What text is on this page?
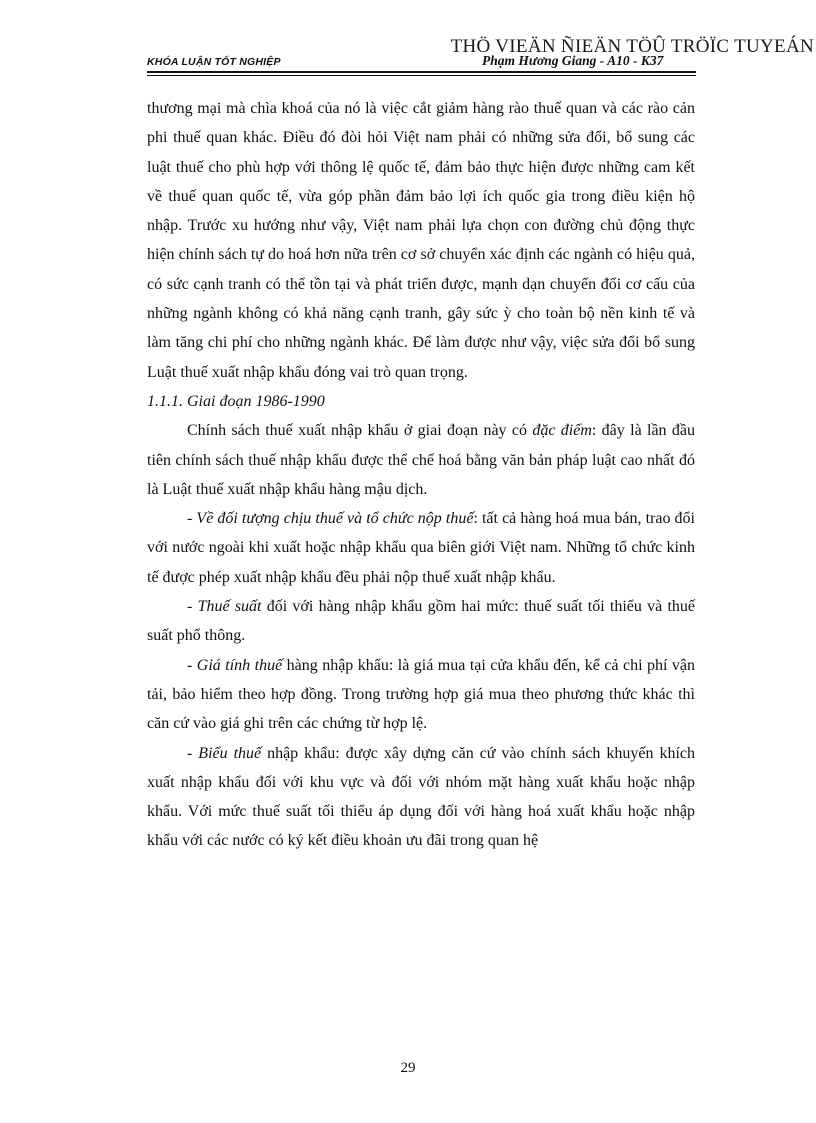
THÖ VIEÄN ÑIEÄN TÖÛ TRÖÏC TUYEÁN
KHÓA LUẬN TỐT NGHIỆP	Phạm Hương Giang - A10 - K37

thương mại mà chìa khoá của nó là việc cắt giảm hàng rào thuế quan và các rào cản phi thuế quan khác. Điều đó đòi hỏi Việt nam phải có những sửa đổi, bổ sung các luật thuế cho phù hợp với thông lệ quốc tế, đảm bảo thực hiện được những cam kết về thuế quan quốc tế, vừa góp phần đảm bảo lợi ích quốc gia trong điều kiện hộ nhập. Trước xu hướng như vậy, Việt nam phải lựa chọn con đường chủ động thực hiện chính sách tự do hoá hơn nữa trên cơ sở chuyển xác định các ngành có hiệu quả, có sức cạnh tranh có thể tồn tại và phát triển được, mạnh dạn chuyển đổi cơ cấu của những ngành không có khả năng cạnh tranh, gây sức ỳ cho toàn bộ nền kinh tế và làm tăng chi phí cho những ngành khác. Để làm được như vậy, việc sửa đổi bổ sung Luật thuế xuất nhập khẩu đóng vai trò quan trọng.

1.1.1. Giai đoạn 1986-1990

Chính sách thuế xuất nhập khẩu ở giai đoạn này có đặc điểm: đây là lần đầu tiên chính sách thuế nhập khẩu được thể chế hoá bằng văn bản pháp luật cao nhất đó là Luật thuế xuất nhập khẩu hàng mậu dịch.

- Về đối tượng chịu thuế và tổ chức nộp thuế: tất cả hàng hoá mua bán, trao đổi với nước ngoài khi xuất hoặc nhập khẩu qua biên giới Việt nam. Những tổ chức kinh tế được phép xuất nhập khẩu đều phải nộp thuế xuất nhập khẩu.

- Thuế suất đối với hàng nhập khẩu gồm hai mức: thuế suất tối thiểu và thuế suất phổ thông.

- Giá tính thuế hàng nhập khẩu: là giá mua tại cửa khẩu đến, kể cả chi phí vận tải, bảo hiểm theo hợp đồng. Trong trường hợp giá mua theo phương thức khác thì căn cứ vào giá ghi trên các chứng từ hợp lệ.

- Biểu thuế nhập khẩu: được xây dựng căn cứ vào chính sách khuyến khích xuất nhập khẩu đối với khu vực và đối với nhóm mặt hàng xuất khẩu hoặc nhập khẩu. Với mức thuế suất tối thiểu áp dụng đối với hàng hoá xuất khẩu hoặc nhập khẩu với các nước có ký kết điều khoản ưu đãi trong quan hệ

29
